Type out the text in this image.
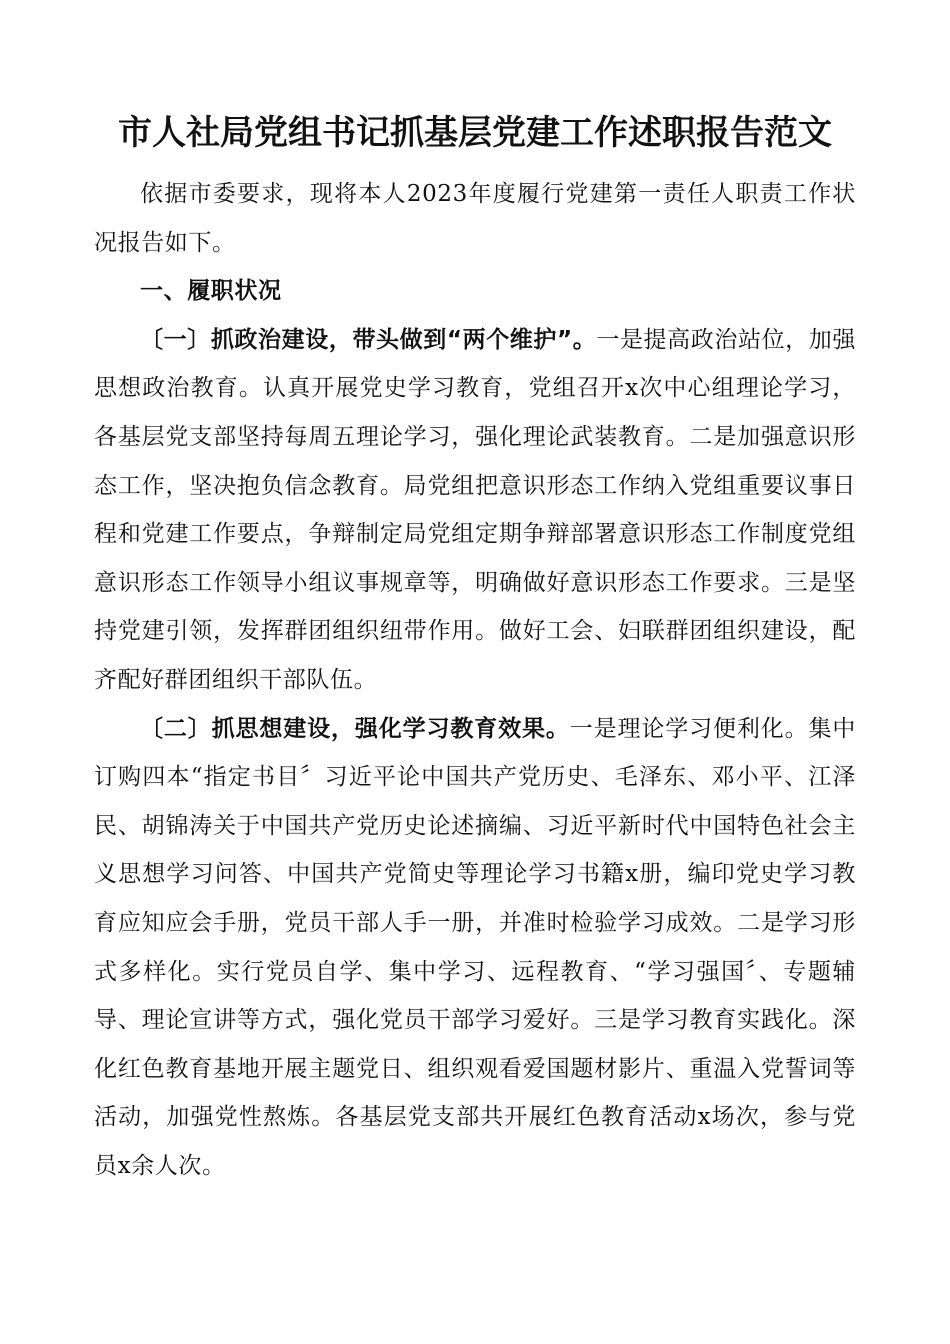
市人社局党组书记抓基层党建工作述职报告范文

依据市委要求，现将本人2023年度履行党建第一责任人职责工作状况报告如下。

一、履职状况

〔一〕抓政治建设，带头做到“两个维护”。一是提高政治站位，加强思想政治教育。认真开展党史学习教育，党组召开x次中心组理论学习，各基层党支部坚持每周五理论学习，强化理论武装教育。二是加强意识形态工作，坚决抱负信念教育。局党组把意识形态工作纳入党组重要议事日程和党建工作要点，争辩制定局党组定期争辩部署意识形态工作制度党组意识形态工作领导小组议事规章等，明确做好意识形态工作要求。三是坚持党建引领，发挥群团组织纽带作用。做好工会、妇联群团组织建设，配齐配好群团组织干部队伍。

〔二〕抓思想建设，强化学习教育效果。一是理论学习便利化。集中订购四本“指定书目〞习近平论中国共产党历史、毛泽东、邓小平、江泽民、胡锦涛关于中国共产党历史论述摘编、习近平新时代中国特色社会主义思想学习问答、中国共产党简史等理论学习书籍x册，编印党史学习教育应知应会手册，党员干部人手一册，并准时检验学习成效。二是学习形式多样化。实行党员自学、集中学习、远程教育、“学习强国〞、专题辅导、理论宣讲等方式，强化党员干部学习爱好。三是学习教育实践化。深化红色教育基地开展主题党日、组织观看爱国题材影片、重温入党誓词等活动，加强党性熬炼。各基层党支部共开展红色教育活动x场次，参与党员x余人次。
